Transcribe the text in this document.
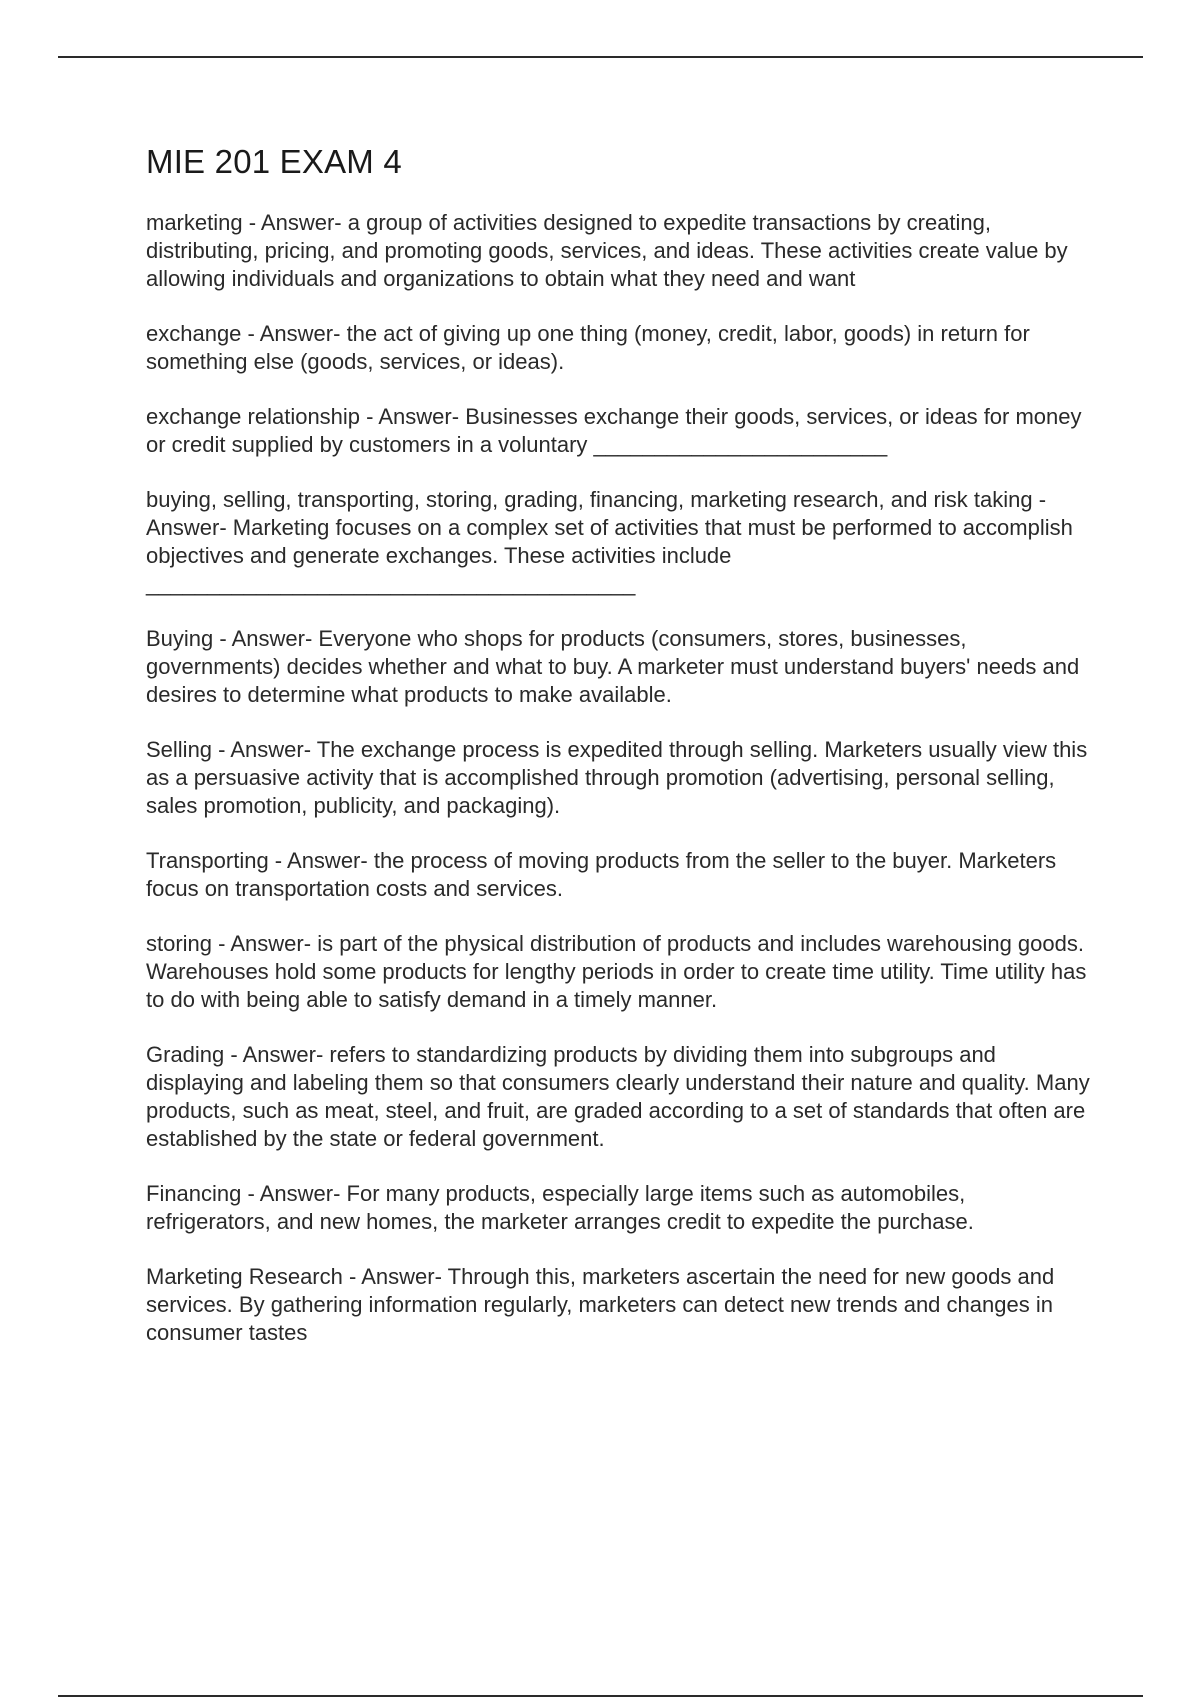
MIE 201 EXAM 4

marketing - Answer- a group of activities designed to expedite transactions by creating, distributing, pricing, and promoting goods, services, and ideas. These activities create value by allowing individuals and organizations to obtain what they need and want

exchange - Answer- the act of giving up one thing (money, credit, labor, goods) in return for something else (goods, services, or ideas).

exchange relationship - Answer- Businesses exchange their goods, services, or ideas for money or credit supplied by customers in a voluntary ________________________

buying, selling, transporting, storing, grading, financing, marketing research, and risk taking - Answer- Marketing focuses on a complex set of activities that must be performed to accomplish objectives and generate exchanges. These activities include ________________________________________

Buying - Answer- Everyone who shops for products (consumers, stores, businesses, governments) decides whether and what to buy. A marketer must understand buyers' needs and desires to determine what products to make available.

Selling - Answer- The exchange process is expedited through selling. Marketers usually view this as a persuasive activity that is accomplished through promotion (advertising, personal selling, sales promotion, publicity, and packaging).

Transporting - Answer- the process of moving products from the seller to the buyer. Marketers focus on transportation costs and services.

storing - Answer- is part of the physical distribution of products and includes warehousing goods. Warehouses hold some products for lengthy periods in order to create time utility. Time utility has to do with being able to satisfy demand in a timely manner.

Grading - Answer- refers to standardizing products by dividing them into subgroups and displaying and labeling them so that consumers clearly understand their nature and quality. Many products, such as meat, steel, and fruit, are graded according to a set of standards that often are established by the state or federal government.

Financing - Answer- For many products, especially large items such as automobiles, refrigerators, and new homes, the marketer arranges credit to expedite the purchase.

Marketing Research - Answer- Through this, marketers ascertain the need for new goods and services. By gathering information regularly, marketers can detect new trends and changes in consumer tastes
